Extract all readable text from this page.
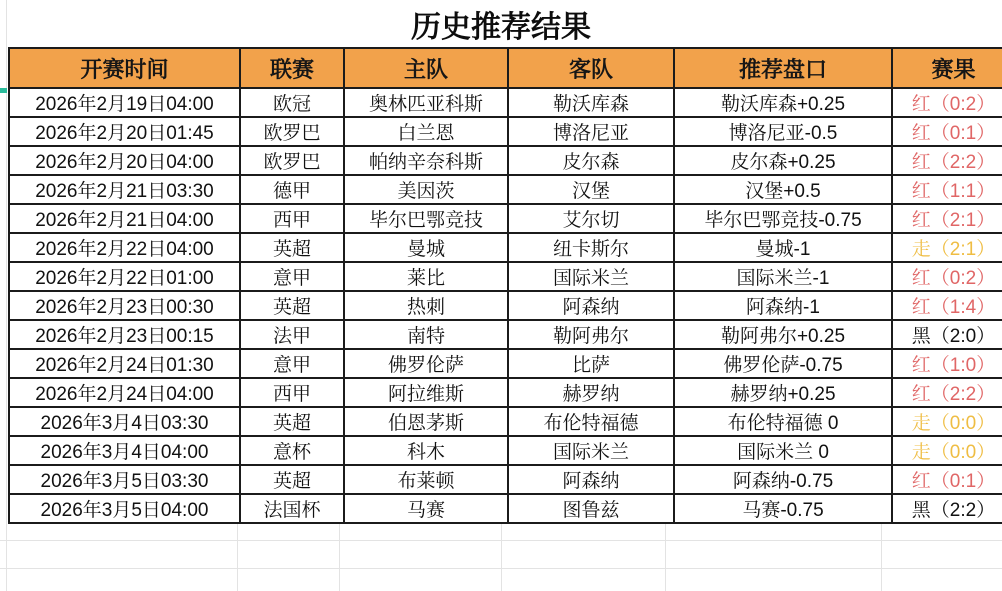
历史推荐结果
开赛时间	联赛	主队	客队	推荐盘口	赛果
2026年2月19日04:00	欧冠	奥林匹亚科斯	勒沃库森	勒沃库森+0.25	红（0:2）
2026年2月20日01:45	欧罗巴	白兰恩	博洛尼亚	博洛尼亚-0.5	红（0:1）
2026年2月20日04:00	欧罗巴	帕纳辛奈科斯	皮尔森	皮尔森+0.25	红（2:2）
2026年2月21日03:30	德甲	美因茨	汉堡	汉堡+0.5	红（1:1）
2026年2月21日04:00	西甲	毕尔巴鄂竞技	艾尔切	毕尔巴鄂竞技-0.75	红（2:1）
2026年2月22日04:00	英超	曼城	纽卡斯尔	曼城-1	走（2:1）
2026年2月22日01:00	意甲	莱比	国际米兰	国际米兰-1	红（0:2）
2026年2月23日00:30	英超	热刺	阿森纳	阿森纳-1	红（1:4）
2026年2月23日00:15	法甲	南特	勒阿弗尔	勒阿弗尔+0.25	黑（2:0）
2026年2月24日01:30	意甲	佛罗伦萨	比萨	佛罗伦萨-0.75	红（1:0）
2026年2月24日04:00	西甲	阿拉维斯	赫罗纳	赫罗纳+0.25	红（2:2）
2026年3月4日03:30	英超	伯恩茅斯	布伦特福德	布伦特福德 0	走（0:0）
2026年3月4日04:00	意杯	科木	国际米兰	国际米兰 0	走（0:0）
2026年3月5日03:30	英超	布莱顿	阿森纳	阿森纳-0.75	红（0:1）
2026年3月5日04:00	法国杯	马赛	图鲁兹	马赛-0.75	黑（2:2）
